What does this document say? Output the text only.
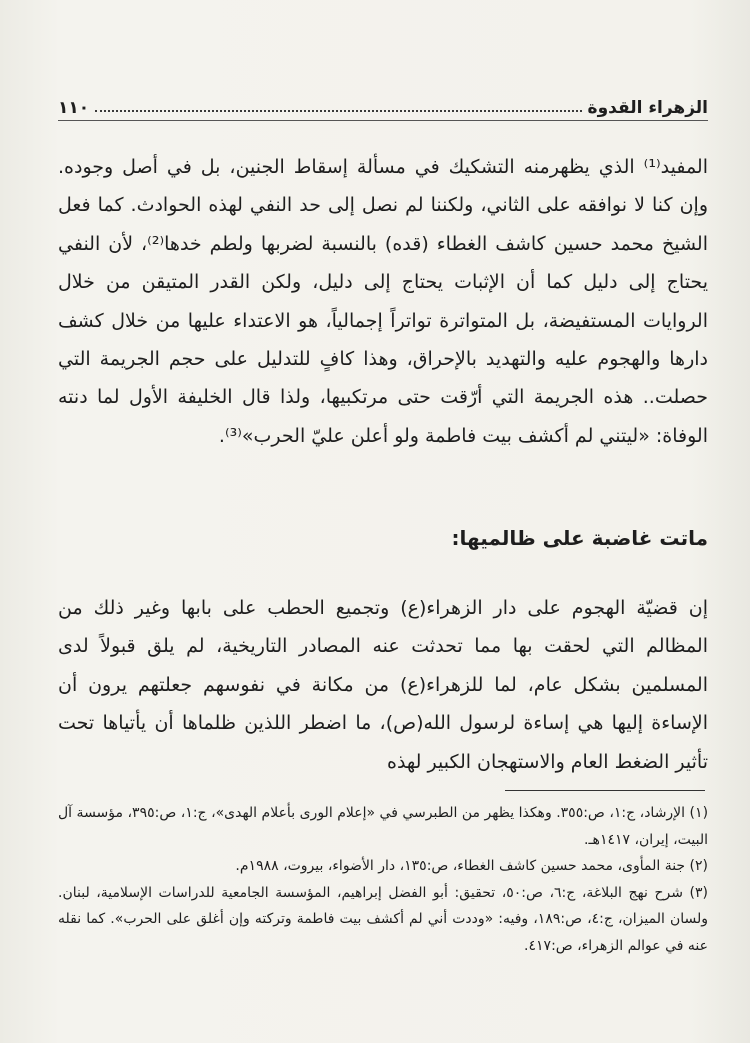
الزهراء القدوة
١١٠

المفيد⁽¹⁾ الذي يظهرمنه التشكيك في مسألة إسقاط الجنين، بل في أصل وجوده. وإن كنا لا نوافقه على الثاني، ولكننا لم نصل إلى حد النفي لهذه الحوادث. كما فعل الشيخ محمد حسين كاشف الغطاء (قده) بالنسبة لضربها ولطم خدها⁽²⁾، لأن النفي يحتاج إلى دليل كما أن الإثبات يحتاج إلى دليل، ولكن القدر المتيقن من خلال الروايات المستفيضة، بل المتواترة تواتراً إجمالياً، هو الاعتداء عليها من خلال كشف دارها والهجوم عليه والتهديد بالإحراق، وهذا كافٍ للتدليل على حجم الجريمة التي حصلت.. هذه الجريمة التي أرّقت حتى مرتكبيها، ولذا قال الخليفة الأول لما دنته الوفاة: «ليتني لم أكشف بيت فاطمة ولو أعلن عليّ الحرب»⁽³⁾.

ماتت غاضبة على ظالميها:

إن قضيّة الهجوم على دار الزهراء(ع) وتجميع الحطب على بابها وغير ذلك من المظالم التي لحقت بها مما تحدثت عنه المصادر التاريخية، لم يلق قبولاً لدى المسلمين بشكل عام، لما للزهراء(ع) من مكانة في نفوسهم جعلتهم يرون أن الإساءة إليها هي إساءة لرسول الله(ص)، ما اضطر اللذين ظلماها أن يأتياها تحت تأثير الضغط العام والاستهجان الكبير لهذه

(١) الإرشاد، ج:١، ص:٣٥٥. وهكذا يظهر من الطبرسي في «إعلام الورى بأعلام الهدى»، ج:١، ص:٣٩٥، مؤسسة آل البيت، إيران، ١٤١٧هـ.

(٢) جنة المأوى، محمد حسين كاشف الغطاء، ص:١٣٥، دار الأضواء، بيروت، ١٩٨٨م.

(٣) شرح نهج البلاغة، ج:٦، ص:٥٠، تحقيق: أبو الفضل إبراهيم، المؤسسة الجامعية للدراسات الإسلامية، لبنان. ولسان الميزان، ج:٤، ص:١٨٩، وفيه: «وددت أني لم أكشف بيت فاطمة وتركته وإن أغلق على الحرب». كما نقله عنه في عوالم الزهراء، ص:٤١٧.
